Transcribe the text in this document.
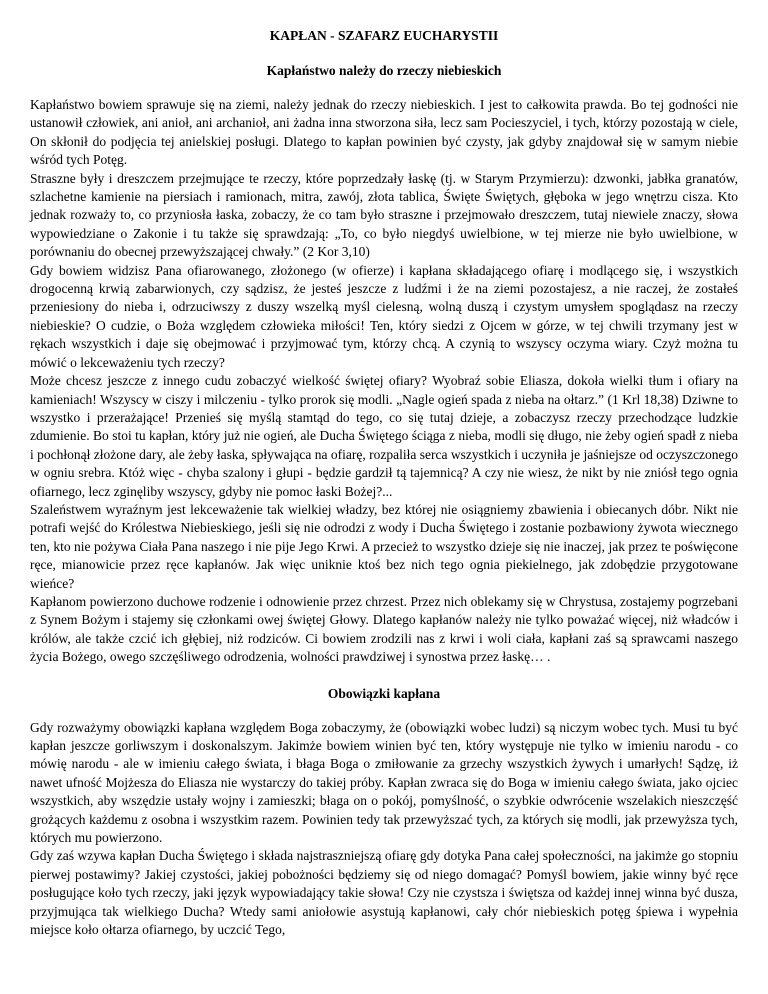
KAPŁAN - SZAFARZ EUCHARYSTII
Kapłaństwo należy do rzeczy niebieskich

Kapłaństwo bowiem sprawuje się na ziemi, należy jednak do rzeczy niebieskich. I jest to całkowita prawda. Bo tej godności nie ustanowił człowiek, ani anioł, ani archanioł, ani żadna inna stworzona siła, lecz sam Pocieszyciel, i tych, którzy pozostają w ciele, On skłonił do podjęcia tej anielskiej posługi. Dlatego to kapłan powinien być czysty, jak gdyby znajdował się w samym niebie wśród tych Potęg.

Straszne były i dreszczem przejmujące te rzeczy, które poprzedzały łaskę (tj. w Starym Przymierzu): dzwonki, jabłka granatów, szlachetne kamienie na piersiach i ramionach, mitra, zawój, złota tablica, Święte Świętych, głęboka w jego wnętrzu cisza. Kto jednak rozważy to, co przyniosła łaska, zobaczy, że co tam było straszne i przejmowało dreszczem, tutaj niewiele znaczy, słowa wypowiedziane o Zakonie i tu także się sprawdzają: „To, co było niegdyś uwielbione, w tej mierze nie było uwielbione, w porównaniu do obecnej przewyższającej chwały.” (2 Kor 3,10)

Gdy bowiem widzisz Pana ofiarowanego, złożonego (w ofierze) i kapłana składającego ofiarę i modlącego się, i wszystkich drogocenną krwią zabarwionych, czy sądzisz, że jesteś jeszcze z ludźmi i że na ziemi pozostajesz, a nie raczej, że zostałeś przeniesiony do nieba i, odrzuciwszy z duszy wszelką myśl cielesną, wolną duszą i czystym umysłem spoglądasz na rzeczy niebieskie? O cudzie, o Boża względem człowieka miłości! Ten, który siedzi z Ojcem w górze, w tej chwili trzymany jest w rękach wszystkich i daje się obejmować i przyjmować tym, którzy chcą. A czynią to wszyscy oczyma wiary. Czyż można tu mówić o lekceważeniu tych rzeczy?

Może chcesz jeszcze z innego cudu zobaczyć wielkość świętej ofiary? Wyobraź sobie Eliasza, dokoła wielki tłum i ofiary na kamieniach! Wszyscy w ciszy i milczeniu - tylko prorok się modli. „Nagle ogień spada z nieba na ołtarz.” (1 Krl 18,38) Dziwne to wszystko i przerażające! Przenieś się myślą stamtąd do tego, co się tutaj dzieje, a zobaczysz rzeczy przechodzące ludzkie zdumienie. Bo stoi tu kapłan, który już nie ogień, ale Ducha Świętego ściąga z nieba, modli się długo, nie żeby ogień spadł z nieba i pochłonął złożone dary, ale żeby łaska, spływająca na ofiarę, rozpaliła serca wszystkich i uczyniła je jaśniejsze od oczyszczonego w ogniu srebra. Któż więc - chyba szalony i głupi - będzie gardził tą tajemnicą? A czy nie wiesz, że nikt by nie zniósł tego ognia ofiarnego, lecz zginęliby wszyscy, gdyby nie pomoc łaski Bożej?...

Szaleństwem wyraźnym jest lekceważenie tak wielkiej władzy, bez której nie osiągniemy zbawienia i obiecanych dóbr. Nikt nie potrafi wejść do Królestwa Niebieskiego, jeśli się nie odrodzi z wody i Ducha Świętego i zostanie pozbawiony żywota wiecznego ten, kto nie pożywa Ciała Pana naszego i nie pije Jego Krwi. A przecież to wszystko dzieje się nie inaczej, jak przez te poświęcone ręce, mianowicie przez ręce kapłanów. Jak więc uniknie ktoś bez nich tego ognia piekielnego, jak zdobędzie przygotowane wieńce?

Kapłanom powierzono duchowe rodzenie i odnowienie przez chrzest. Przez nich oblekamy się w Chrystusa, zostajemy pogrzebani z Synem Bożym i stajemy się członkami owej świętej Głowy. Dlatego kapłanów należy nie tylko poważać więcej, niż władców i królów, ale także czcić ich głębiej, niż rodziców. Ci bowiem zrodzili nas z krwi i woli ciała, kapłani zaś są sprawcami naszego życia Bożego, owego szczęśliwego odrodzenia, wolności prawdziwej i synostwa przez łaskę… .

Obowiązki kapłana

Gdy rozważymy obowiązki kapłana względem Boga zobaczymy, że (obowiązki wobec ludzi) są niczym wobec tych. Musi tu być kapłan jeszcze gorliwszym i doskonalszym. Jakimże bowiem winien być ten, który występuje nie tylko w imieniu narodu - co mówię narodu - ale w imieniu całego świata, i błaga Boga o zmiłowanie za grzechy wszystkich żywych i umarłych! Sądzę, iż nawet ufność Mojżesza do Eliasza nie wystarczy do takiej próby. Kapłan zwraca się do Boga w imieniu całego świata, jako ojciec wszystkich, aby wszędzie ustały wojny i zamieszki; błaga on o pokój, pomyślność, o szybkie odwrócenie wszelakich nieszczęść grożących każdemu z osobna i wszystkim razem. Powinien tedy tak przewyższać tych, za których się modli, jak przewyższa tych, których mu powierzono.

Gdy zaś wzywa kapłan Ducha Świętego i składa najstraszniejszą ofiarę gdy dotyka Pana całej społeczności, na jakimże go stopniu pierwej postawimy? Jakiej czystości, jakiej pobożności będziemy się od niego domagać? Pomyśl bowiem, jakie winny być ręce posługujące koło tych rzeczy, jaki język wypowiadający takie słowa! Czy nie czystsza i świętsza od każdej innej winna być dusza, przyjmująca tak wielkiego Ducha? Wtedy sami aniołowie asystują kapłanowi, cały chór niebieskich potęg śpiewa i wypełnia miejsce koło ołtarza ofiarnego, by uczcić Tego,
